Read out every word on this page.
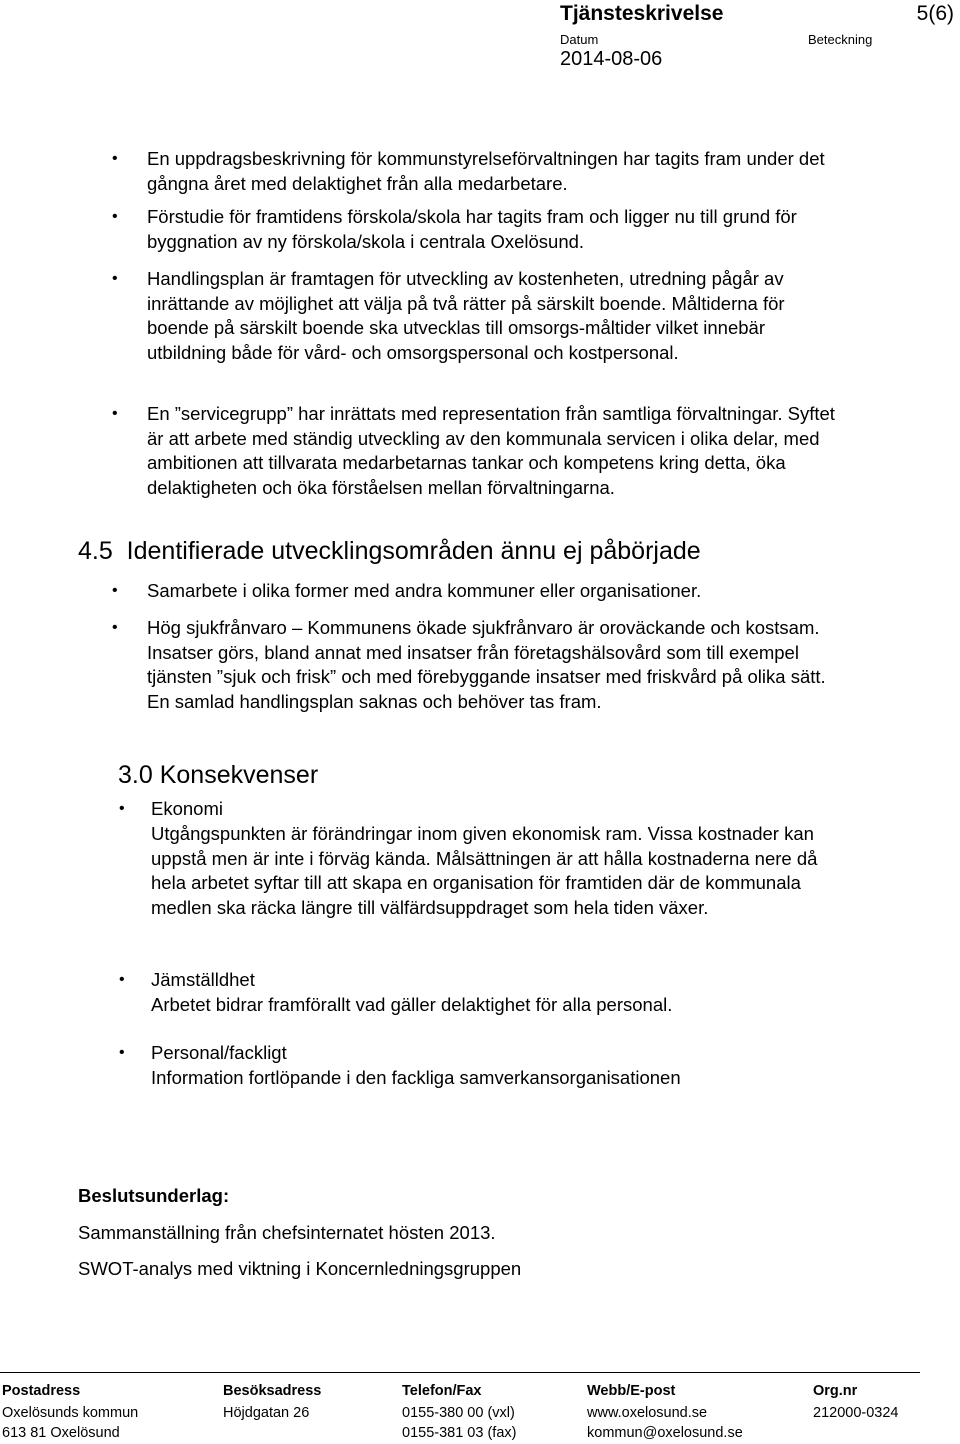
Tjänsteskrivelse	5(6)
Datum	Beteckning
2014-08-06
• En uppdragsbeskrivning för kommunstyrelseförvaltningen har tagits fram under det gångna året med delaktighet från alla medarbetare.
• Förstudie för framtidens förskola/skola har tagits fram och ligger nu till grund för byggnation av ny förskola/skola i centrala Oxelösund.
• Handlingsplan är framtagen för utveckling av kostenheten, utredning pågår av inrättande av möjlighet att välja på två rätter på särskilt boende. Måltiderna för boende på särskilt boende ska utvecklas till omsorgs-måltider vilket innebär utbildning både för vård- och omsorgspersonal och kostpersonal.
• En ”servicegrupp” har inrättats med representation från samtliga förvaltningar. Syftet är att arbete med ständig utveckling av den kommunala servicen i olika delar, med ambitionen att tillvarata medarbetarnas tankar och kompetens kring detta, öka delaktigheten och öka förståelsen mellan förvaltningarna.
4.5 Identifierade utvecklingsområden ännu ej påbörjade
• Samarbete i olika former med andra kommuner eller organisationer.
• Hög sjukfrånvaro – Kommunens ökade sjukfrånvaro är oroväckande och kostsam. Insatser görs, bland annat med insatser från företagshälsovård som till exempel tjänsten ”sjuk och frisk” och med förebyggande insatser med friskvård på olika sätt. En samlad handlingsplan saknas och behöver tas fram.
3.0 Konsekvenser
• Ekonomi
Utgångspunkten är förändringar inom given ekonomisk ram. Vissa kostnader kan uppstå men är inte i förväg kända. Målsättningen är att hålla kostnaderna nere då hela arbetet syftar till att skapa en organisation för framtiden där de kommunala medlen ska räcka längre till välfärdsuppdraget som hela tiden växer.
• Jämställdhet
Arbetet bidrar framförallt vad gäller delaktighet för alla personal.
• Personal/fackligt
Information fortlöpande i den fackliga samverkansorganisationen
Beslutsunderlag:
Sammanställning från chefsinternatet hösten 2013.
SWOT-analys med viktning i Koncernledningsgruppen
Postadress
Oxelösunds kommun
613 81 Oxelösund
Besöksadress
Höjdgatan 26
Telefon/Fax
0155-380 00 (vxl)
0155-381 03 (fax)
Webb/E-post
www.oxelosund.se
kommun@oxelosund.se
Org.nr
212000-0324
